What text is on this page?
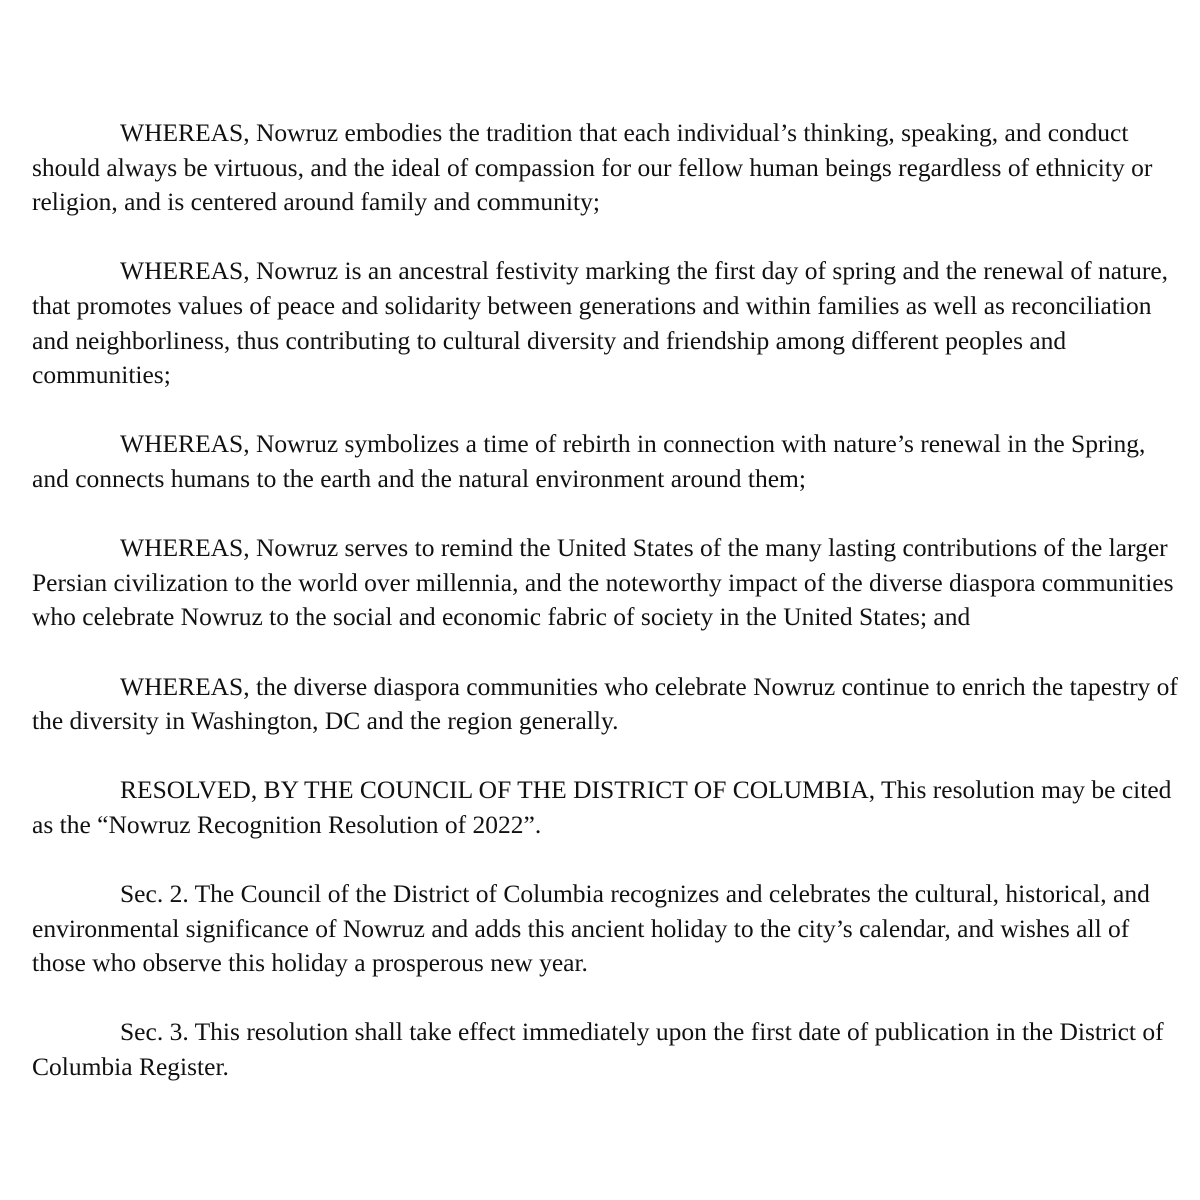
WHEREAS, Nowruz embodies the tradition that each individual’s thinking, speaking, and conduct should always be virtuous, and the ideal of compassion for our fellow human beings regardless of ethnicity or religion, and is centered around family and community;

WHEREAS, Nowruz is an ancestral festivity marking the first day of spring and the renewal of nature, that promotes values of peace and solidarity between generations and within families as well as reconciliation and neighborliness, thus contributing to cultural diversity and friendship among different peoples and communities;

WHEREAS, Nowruz symbolizes a time of rebirth in connection with nature’s renewal in the Spring, and connects humans to the earth and the natural environment around them;

WHEREAS, Nowruz serves to remind the United States of the many lasting contributions of the larger Persian civilization to the world over millennia, and the noteworthy impact of the diverse diaspora communities who celebrate Nowruz to the social and economic fabric of society in the United States; and

WHEREAS, the diverse diaspora communities who celebrate Nowruz continue to enrich the tapestry of the diversity in Washington, DC and the region generally.

RESOLVED, BY THE COUNCIL OF THE DISTRICT OF COLUMBIA, This resolution may be cited as the “Nowruz Recognition Resolution of 2022”.

Sec. 2. The Council of the District of Columbia recognizes and celebrates the cultural, historical, and environmental significance of Nowruz and adds this ancient holiday to the city’s calendar, and wishes all of those who observe this holiday a prosperous new year.

Sec. 3. This resolution shall take effect immediately upon the first date of publication in the District of Columbia Register.
